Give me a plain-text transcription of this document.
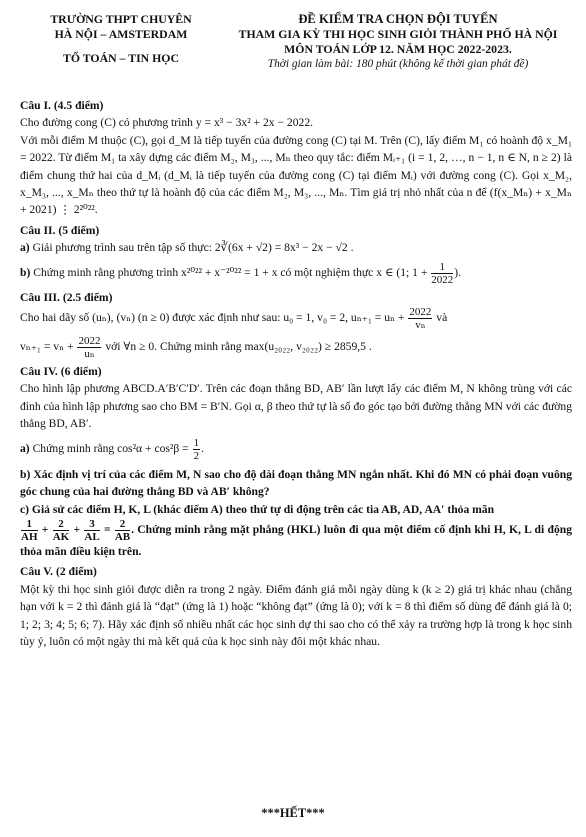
TRƯỜNG THPT CHUYÊN
HÀ NỘI – AMSTERDAM
TỔ TOÁN – TIN HỌC
ĐỀ KIỂM TRA CHỌN ĐỘI TUYỂN
THAM GIA KỲ THI HỌC SINH GIỎI THÀNH PHỐ HÀ NỘI
MÔN TOÁN LỚP 12. NĂM HỌC 2022-2023.
Thời gian làm bài: 180 phút (không kể thời gian phát đề)
Câu I. (4.5 điểm)
Cho đường cong (C) có phương trình y = x³ − 3x² + 2x − 2022.
Với mỗi điểm M thuộc (C), gọi d_M là tiếp tuyến của đường cong (C) tại M. Trên (C), lấy điểm M₁ có hoành độ x_M₁ = 2022. Từ điểm M₁ ta xây dựng các điểm M₂, M₃, ..., Mₙ theo quy tắc: điểm Mᵢ₊₁ (i = 1, 2, …, n − 1, n ∈ N, n ≥ 2) là điểm chung thứ hai của d_Mᵢ (d_Mᵢ là tiếp tuyến của đường cong (C) tại điểm Mᵢ) với đường cong (C). Gọi x_M₂, x_M₃, ..., x_Mₙ theo thứ tự là hoành độ của các điểm M₂, M₃, ..., Mₙ. Tìm giá trị nhỏ nhất của n để (f(x_Mₙ) + x_Mₙ + 2021) ⋮ 2²⁰²².
Câu II. (5 điểm)
a) Giải phương trình sau trên tập số thực: 2∛(6x + √2) = 8x³ − 2x − √2 .
b) Chứng minh rằng phương trình x²⁰²² + x⁻²⁰²² = 1 + x có một nghiệm thực x ∈ (1; $1 + \frac{1}{2022}$ ).
Câu III. (2.5 điểm)
Cho hai dãy số (uₙ), (vₙ) (n ≥ 0) được xác định như sau: u₀ = 1, v₀ = 2, $u_{n+1} = u_n + \frac{2022}{\text{vₙ}}$ và
$v_{n+1} = v_n + \frac{2022}{\text{uₙ}}$ với ∀n ≥ 0. Chứng minh rằng max(u₂₀₂₂, v₂₀₂₂) ≥ 2859,5 .
Câu IV. (6 điểm)
Cho hình lập phương ABCD.A′B′C′D′. Trên các đoạn thẳng BD, AB′ lần lượt lấy các điểm M, N không trùng với các đỉnh của hình lập phương sao cho BM = B′N. Gọi α, β theo thứ tự là số đo góc tạo bởi đường thẳng MN với các đường thẳng BD, AB′.
a) Chứng minh rằng $\cos^2\alpha + \cos^2\beta = \frac{1}{2}$ .
b) Xác định vị trí của các điểm M, N sao cho độ dài đoạn thẳng MN ngắn nhất. Khi đó MN có phải đoạn vuông góc chung của hai đường thẳng BD và AB′ không?
c) Giả sử các điểm H, K, L (khác điểm A) theo thứ tự di động trên các tia AB, AD, AA′ thỏa mãn
$\frac{1}{AH} + \frac{2}{AK} + \frac{3}{AL} = \frac{2}{AB}$ . Chứng minh rằng mặt phẳng (HKL) luôn đi qua một điểm cố định khi H, K, L di động thỏa mãn điều kiện trên.
Câu V. (2 điểm)
Một kỳ thi học sinh giỏi được diễn ra trong 2 ngày. Điểm đánh giá mỗi ngày dùng k (k ≥ 2) giá trị khác nhau (chẳng hạn với k = 2 thì đánh giá là “đạt” (ứng là 1) hoặc “không đạt” (ứng là 0); với k = 8 thì điểm số dùng để đánh giá là 0; 1; 2; 3; 4; 5; 6; 7). Hãy xác định số nhiều nhất các học sinh dự thi sao cho có thể xảy ra trường hợp là trong k học sinh tùy ý, luôn có một ngày thi mà kết quả của k học sinh này đôi một khác nhau.
***HẾT***
